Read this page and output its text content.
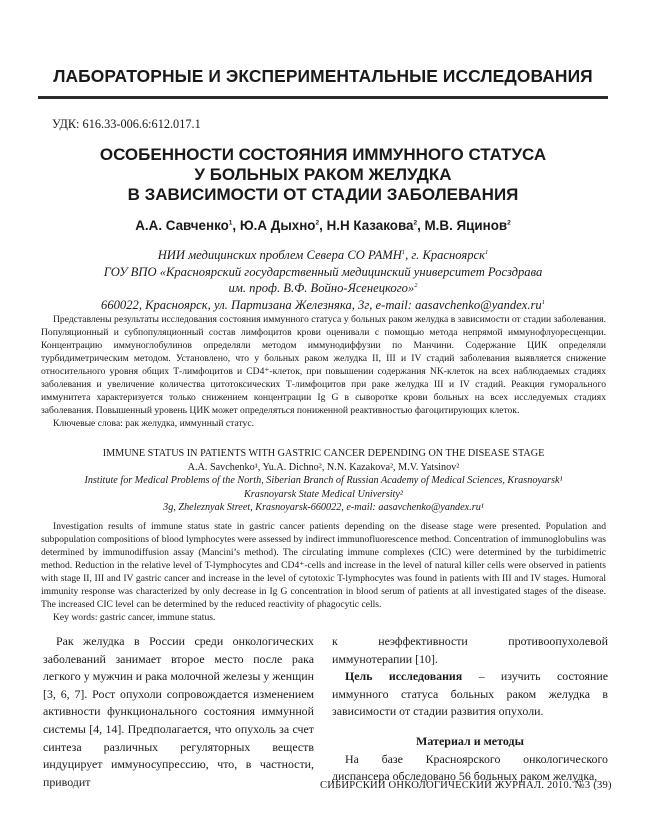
ЛАБОРАТОРНЫЕ И ЭКСПЕРИМЕНТАЛЬНЫЕ ИССЛЕДОВАНИЯ
УДК: 616.33-006.6:612.017.1
ОСОБЕННОСТИ СОСТОЯНИЯ ИММУННОГО СТАТУСА
У БОЛЬНЫХ РАКОМ ЖЕЛУДКА
В ЗАВИСИМОСТИ ОТ СТАДИИ ЗАБОЛЕВАНИЯ
А.А. Савченко$^1$, Ю.А Дыхно$^2$, Н.Н Казакова$^2$, М.В. Яцинов$^2$
НИИ медицинских проблем Севера СО РАМН$^1$, г. Красноярск$^1$
ГОУ ВПО «Красноярский государственный медицинский университет Росздрава
им. проф. В.Ф. Войно-Ясенецкого»$^2$
660022, Красноярск, ул. Партизана Железняка, 3г, e-mail: $aasavchenko@yandex.ru^1$

Представлены результаты исследования состояния иммунного статуса у больных раком желудка в зависимости от стадии заболевания. Популяционный и субпопуляционный состав лимфоцитов крови оценивали с помощью метода непрямой иммунофлуоресценции. Концентрацию иммуноглобулинов определяли методом иммунодиффузии по Манчини. Содержание ЦИК определяли турбидиметрическим методом. Установлено, что у больных раком желудка II, III и IV стадий заболевания выявляется снижение относительного уровня общих Т-лимфоцитов и CD4⁺-клеток, при повышении содержания NK-клеток на всех наблюдаемых стадиях заболевания и увеличение количества цитотоксических Т-лимфоцитов при раке желудка III и IV стадий. Реакция гуморального иммунитета характеризуется только снижением концентрации Ig G в сыворотке крови больных на всех исследуемых стадиях заболевания. Повышенный уровень ЦИК может определяться пониженной реактивностью фагоцитирующих клеток.

Ключевые слова: рак желудка, иммунный статус.

IMMUNE STATUS IN PATIENTS WITH GASTRIC CANCER DEPENDING ON THE DISEASE STAGE
A.A. Savchenko¹, Yu.A. Dichno², N.N. Kazakova², M.V. Yatsinov²
Institute for Medical Problems of the North, Siberian Branch of Russian Academy of Medical Sciences, Krasnoyarsk¹
Krasnoyarsk State Medical University²
3g, Zheleznyak Street, Krasnoyarsk-660022, e-mail: aasavchenko@yandex.ru¹

Investigation results of immune status state in gastric cancer patients depending on the disease stage were presented. Population and subpopulation compositions of blood lymphocytes were assessed by indirect immunofluorescence method. Concentration of immunoglobulins was determined by immunodiffusion assay (Mancini’s method). The circulating immune complexes (CIC) were determined by the turbidimetric method. Reduction in the relative level of T-lymphocytes and CD4⁺-cells and increase in the level of natural killer cells were observed in patients with stage II, III and IV gastric cancer and increase in the level of cytotoxic T-lymphocytes was found in patients with III and IV stages. Humoral immunity response was characterized by only decrease in Ig G concentration in blood serum of patients at all investigated stages of the disease. The increased CIC level can be determined by the reduced reactivity of phagocytic cells.

Key words: gastric cancer, immune status.

Рак желудка в России среди онкологических заболеваний занимает второе место после рака легкого у мужчин и рака молочной железы у женщин [3, 6, 7]. Рост опухоли сопровождается изменением активности функционального состояния иммунной системы [4, 14]. Предполагается, что опухоль за счет синтеза различных регуляторных веществ индуцирует иммуносупрессию, что, в частности, приводит

к неэффективности противоопухолевой иммунотерапии [10].

Цель исследования – изучить состояние иммунного статуса больных раком желудка в зависимости от стадии развития опухоли.

Материал и методы

На базе Красноярского онкологического диспансера обследовано 56 больных раком желудка,

СИБИРСКИЙ ОНКОЛОГИЧЕСКИЙ ЖУРНАЛ. 2010. №3 (39)
